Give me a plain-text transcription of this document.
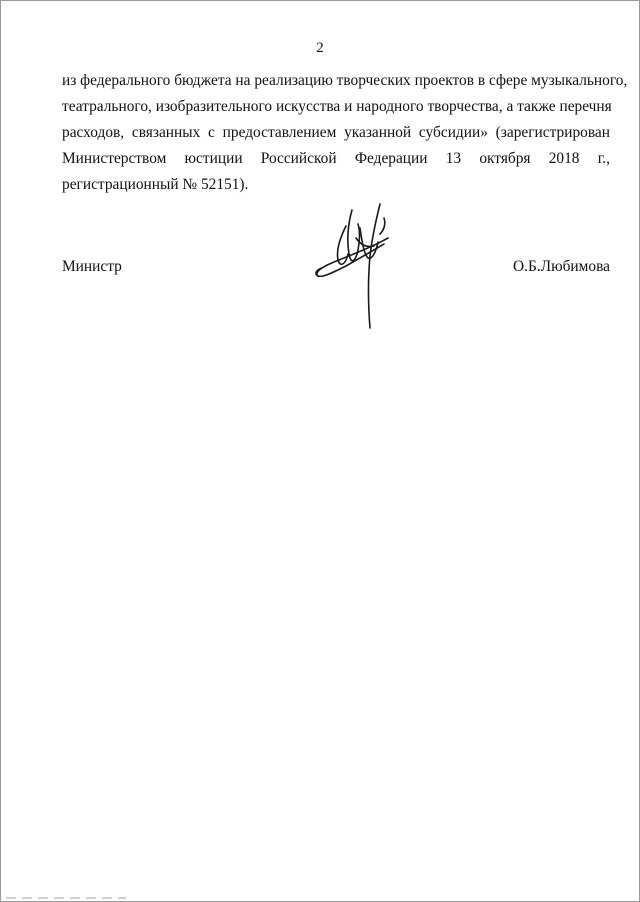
2

из федерального бюджета на реализацию творческих проектов в сфере музыкального,
театрального, изобразительного искусства и народного творчества, а также перечня
расходов, связанных с предоставлением указанной субсидии» (зарегистрирован
Министерством юстиции Российской Федерации 13 октября 2018 г.,
регистрационный № 52151).

Министр	О.Б.Любимова
